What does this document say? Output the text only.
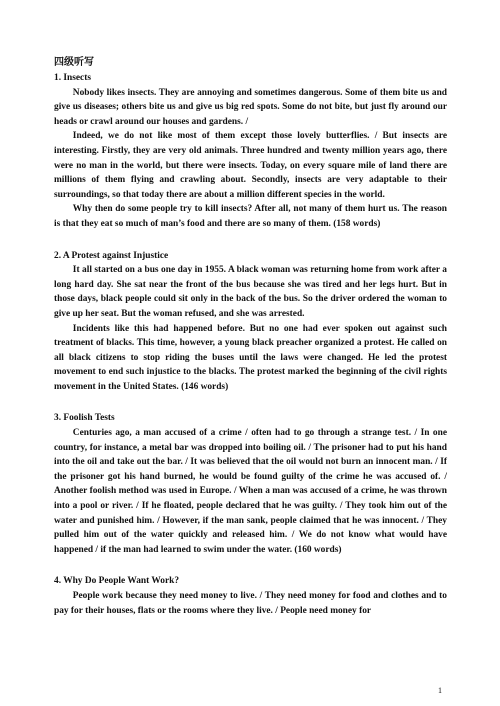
四级听写

1. Insects

Nobody likes insects. They are annoying and sometimes dangerous. Some of them bite us and give us diseases; others bite us and give us big red spots. Some do not bite, but just fly around our heads or crawl around our houses and gardens. /

Indeed, we do not like most of them except those lovely butterflies. / But insects are interesting. Firstly, they are very old animals. Three hundred and twenty million years ago, there were no man in the world, but there were insects. Today, on every square mile of land there are millions of them flying and crawling about. Secondly, insects are very adaptable to their surroundings, so that today there are about a million different species in the world.

Why then do some people try to kill insects? After all, not many of them hurt us. The reason is that they eat so much of man’s food and there are so many of them. (158 words)

2. A Protest against Injustice

It all started on a bus one day in 1955. A black woman was returning home from work after a long hard day. She sat near the front of the bus because she was tired and her legs hurt. But in those days, black people could sit only in the back of the bus. So the driver ordered the woman to give up her seat. But the woman refused, and she was arrested.

Incidents like this had happened before. But no one had ever spoken out against such treatment of blacks. This time, however, a young black preacher organized a protest. He called on all black citizens to stop riding the buses until the laws were changed. He led the protest movement to end such injustice to the blacks. The protest marked the beginning of the civil rights movement in the United States. (146 words)

3. Foolish Tests

Centuries ago, a man accused of a crime / often had to go through a strange test. / In one country, for instance, a metal bar was dropped into boiling oil. / The prisoner had to put his hand into the oil and take out the bar. / It was believed that the oil would not burn an innocent man. / If the prisoner got his hand burned, he would be found guilty of the crime he was accused of. / Another foolish method was used in Europe. / When a man was accused of a crime, he was thrown into a pool or river. / If he floated, people declared that he was guilty. / They took him out of the water and punished him. / However, if the man sank, people claimed that he was innocent. / They pulled him out of the water quickly and released him. / We do not know what would have happened / if the man had learned to swim under the water. (160 words)

4. Why Do People Want Work?

People work because they need money to live. / They need money for food and clothes and to pay for their houses, flats or the rooms where they live. / People need money for

1
